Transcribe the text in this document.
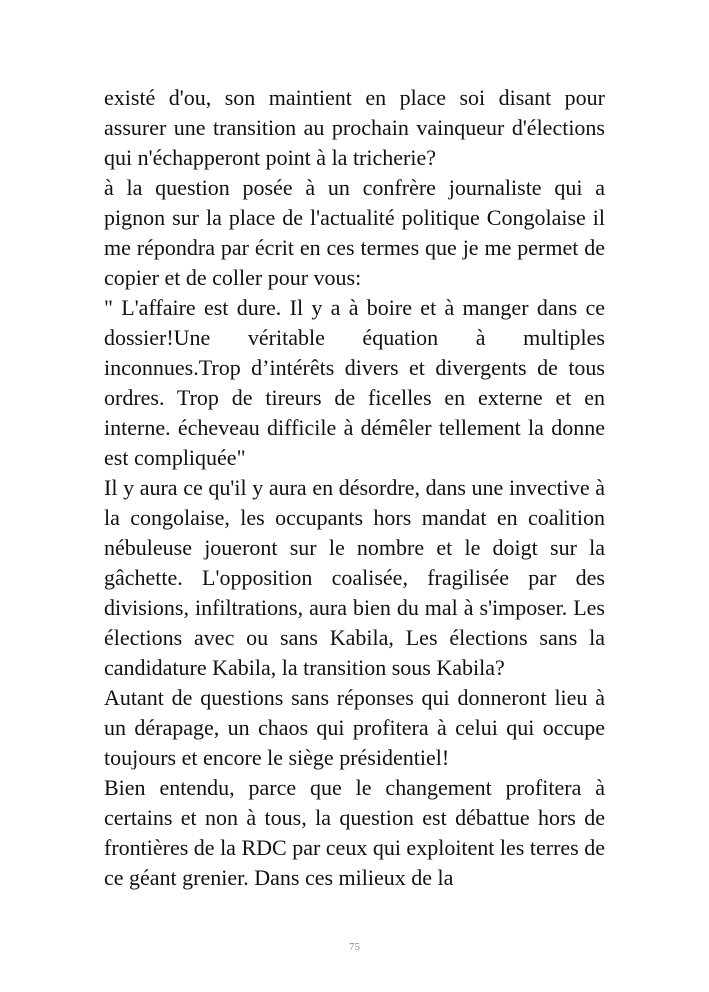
existé d'ou, son maintient en place soi disant pour assurer une transition au prochain vainqueur d'élections qui n'échapperont point à la tricherie?

à la question posée à un confrère journaliste qui a pignon sur la place de l'actualité politique Congolaise il me répondra par écrit en ces termes que je me permet de copier et de coller pour vous:

" L'affaire est dure. Il y a à boire et à manger dans ce dossier!Une véritable équation à multiples inconnues.Trop d’intérêts divers et divergents de tous ordres. Trop de tireurs de ficelles en externe et en interne. écheveau difficile à démêler tellement la donne est compliquée"

Il y aura ce qu'il y aura en désordre, dans une invective à la congolaise, les occupants hors mandat en coalition nébuleuse joueront sur le nombre et le doigt sur la gâchette. L'opposition coalisée, fragilisée par des divisions, infiltrations, aura bien du mal à s'imposer. Les élections avec ou sans Kabila, Les élections sans la candidature Kabila, la transition sous Kabila?

Autant de questions sans réponses qui donneront lieu à un dérapage, un chaos qui profitera à celui qui occupe toujours et encore le siège présidentiel!

Bien entendu, parce que le changement profitera à certains et non à tous, la question est débattue hors de frontières de la RDC par ceux qui exploitent les terres de ce géant grenier. Dans ces milieux de la

75
